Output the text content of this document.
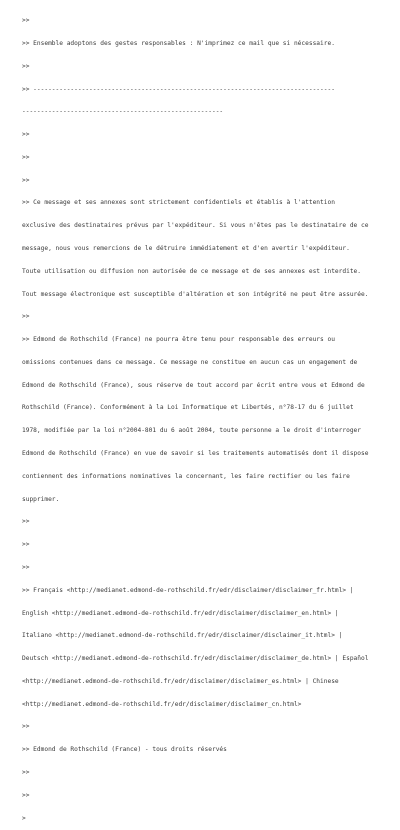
>>

>> Ensemble adoptons des gestes responsables : N'imprimez ce mail que si nécessaire.

>>

>> ---------------------------------------------------------------------------------

------------------------------------------------------

>>

>>

>>

>> Ce message et ses annexes sont strictement confidentiels et établis à l'attention

exclusive des destinataires prévus par l'expéditeur. Si vous n'êtes pas le destinataire de ce

message, nous vous remercions de le détruire immédiatement et d'en avertir l'expéditeur.

Toute utilisation ou diffusion non autorisée de ce message et de ses annexes est interdite.

Tout message électronique est susceptible d'altération et son intégrité ne peut être assurée.

>>

>> Edmond de Rothschild (France) ne pourra être tenu pour responsable des erreurs ou

omissions contenues dans ce message. Ce message ne constitue en aucun cas un engagement de

Edmond de Rothschild (France), sous réserve de tout accord par écrit entre vous et Edmond de

Rothschild (France). Conformément à la Loi Informatique et Libertés, n°78-17 du 6 juillet

1978, modifiée par la loi n°2004-801 du 6 août 2004, toute personne a le droit d'interroger

Edmond de Rothschild (France) en vue de savoir si les traitements automatisés dont il dispose

contiennent des informations nominatives la concernant, les faire rectifier ou les faire

supprimer.

>>

>>

>>

>> Français <http://medianet.edmond-de-rothschild.fr/edr/disclaimer/disclaimer_fr.html> |

English <http://medianet.edmond-de-rothschild.fr/edr/disclaimer/disclaimer_en.html> |

Italiano <http://medianet.edmond-de-rothschild.fr/edr/disclaimer/disclaimer_it.html> |

Deutsch <http://medianet.edmond-de-rothschild.fr/edr/disclaimer/disclaimer_de.html> | Español

<http://medianet.edmond-de-rothschild.fr/edr/disclaimer/disclaimer_es.html> | Chinese

<http://medianet.edmond-de-rothschild.fr/edr/disclaimer/disclaimer_cn.html>

>>

>> Edmond de Rothschild (France) - tous droits réservés

>>

>>

>
